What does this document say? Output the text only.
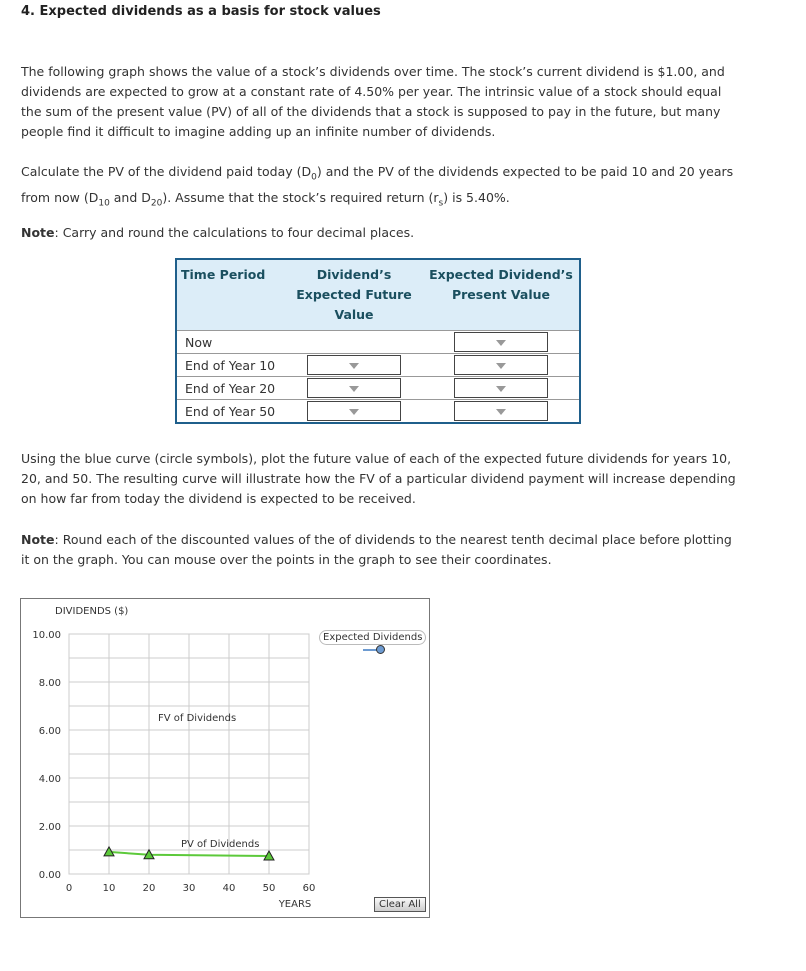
4. Expected dividends as a basis for stock values

The following graph shows the value of a stock’s dividends over time. The stock’s current dividend is $1.00, and dividends are expected to grow at a constant rate of 4.50% per year. The intrinsic value of a stock should equal the sum of the present value (PV) of all of the dividends that a stock is supposed to pay in the future, but many people find it difficult to imagine adding up an infinite number of dividends.

Calculate the PV of the dividend paid today $(D_0)$ and the PV of the dividends expected to be paid 10 and 20 years from now ($D_{10}$ and $D_{20}$). Assume that the stock’s required return $(r_s)$ is 5.40%.

Note: Carry and round the calculations to four decimal places.

Time Period	Dividend’s Expected Future Value	Expected Dividend’s Present Value
Now		

End of Year 10	

End of Year 20	

End of Year 50	

Using the blue curve (circle symbols), plot the future value of each of the expected future dividends for years 10, 20, and 50. The resulting curve will illustrate how the FV of a particular dividend payment will increase depending on how far from today the dividend is expected to be received.

Note: Round each of the discounted values of the of dividends to the nearest tenth decimal place before plotting it on the graph. You can mouse over the points in the graph to see their coordinates.

0.00
2.00
4.00
6.00
8.00
10.00
0	10	20	30	40	50	60
DIVIDENDS ($)
YEARS
FV of Dividends
PV of Dividends
Expected Dividends
Clear All
